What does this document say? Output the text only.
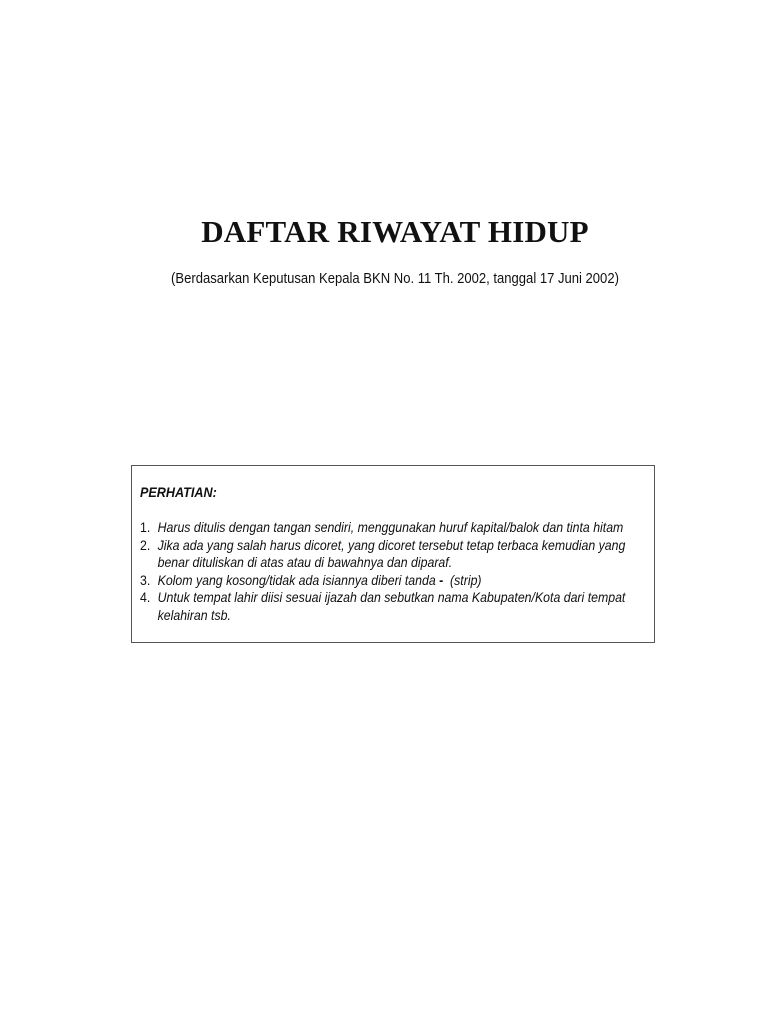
DAFTAR RIWAYAT HIDUP

(Berdasarkan Keputusan Kepala BKN No. 11 Th. 2002, tanggal 17 Juni 2002)

PERHATIAN:

1. Harus ditulis dengan tangan sendiri, menggunakan huruf kapital/balok dan tinta hitam
2. Jika ada yang salah harus dicoret, yang dicoret tersebut tetap terbaca kemudian yang
benar dituliskan di atas atau di bawahnya dan diparaf.
3. Kolom yang kosong/tidak ada isiannya diberi tanda - (strip)
4. Untuk tempat lahir diisi sesuai ijazah dan sebutkan nama Kabupaten/Kota dari tempat
kelahiran tsb.
